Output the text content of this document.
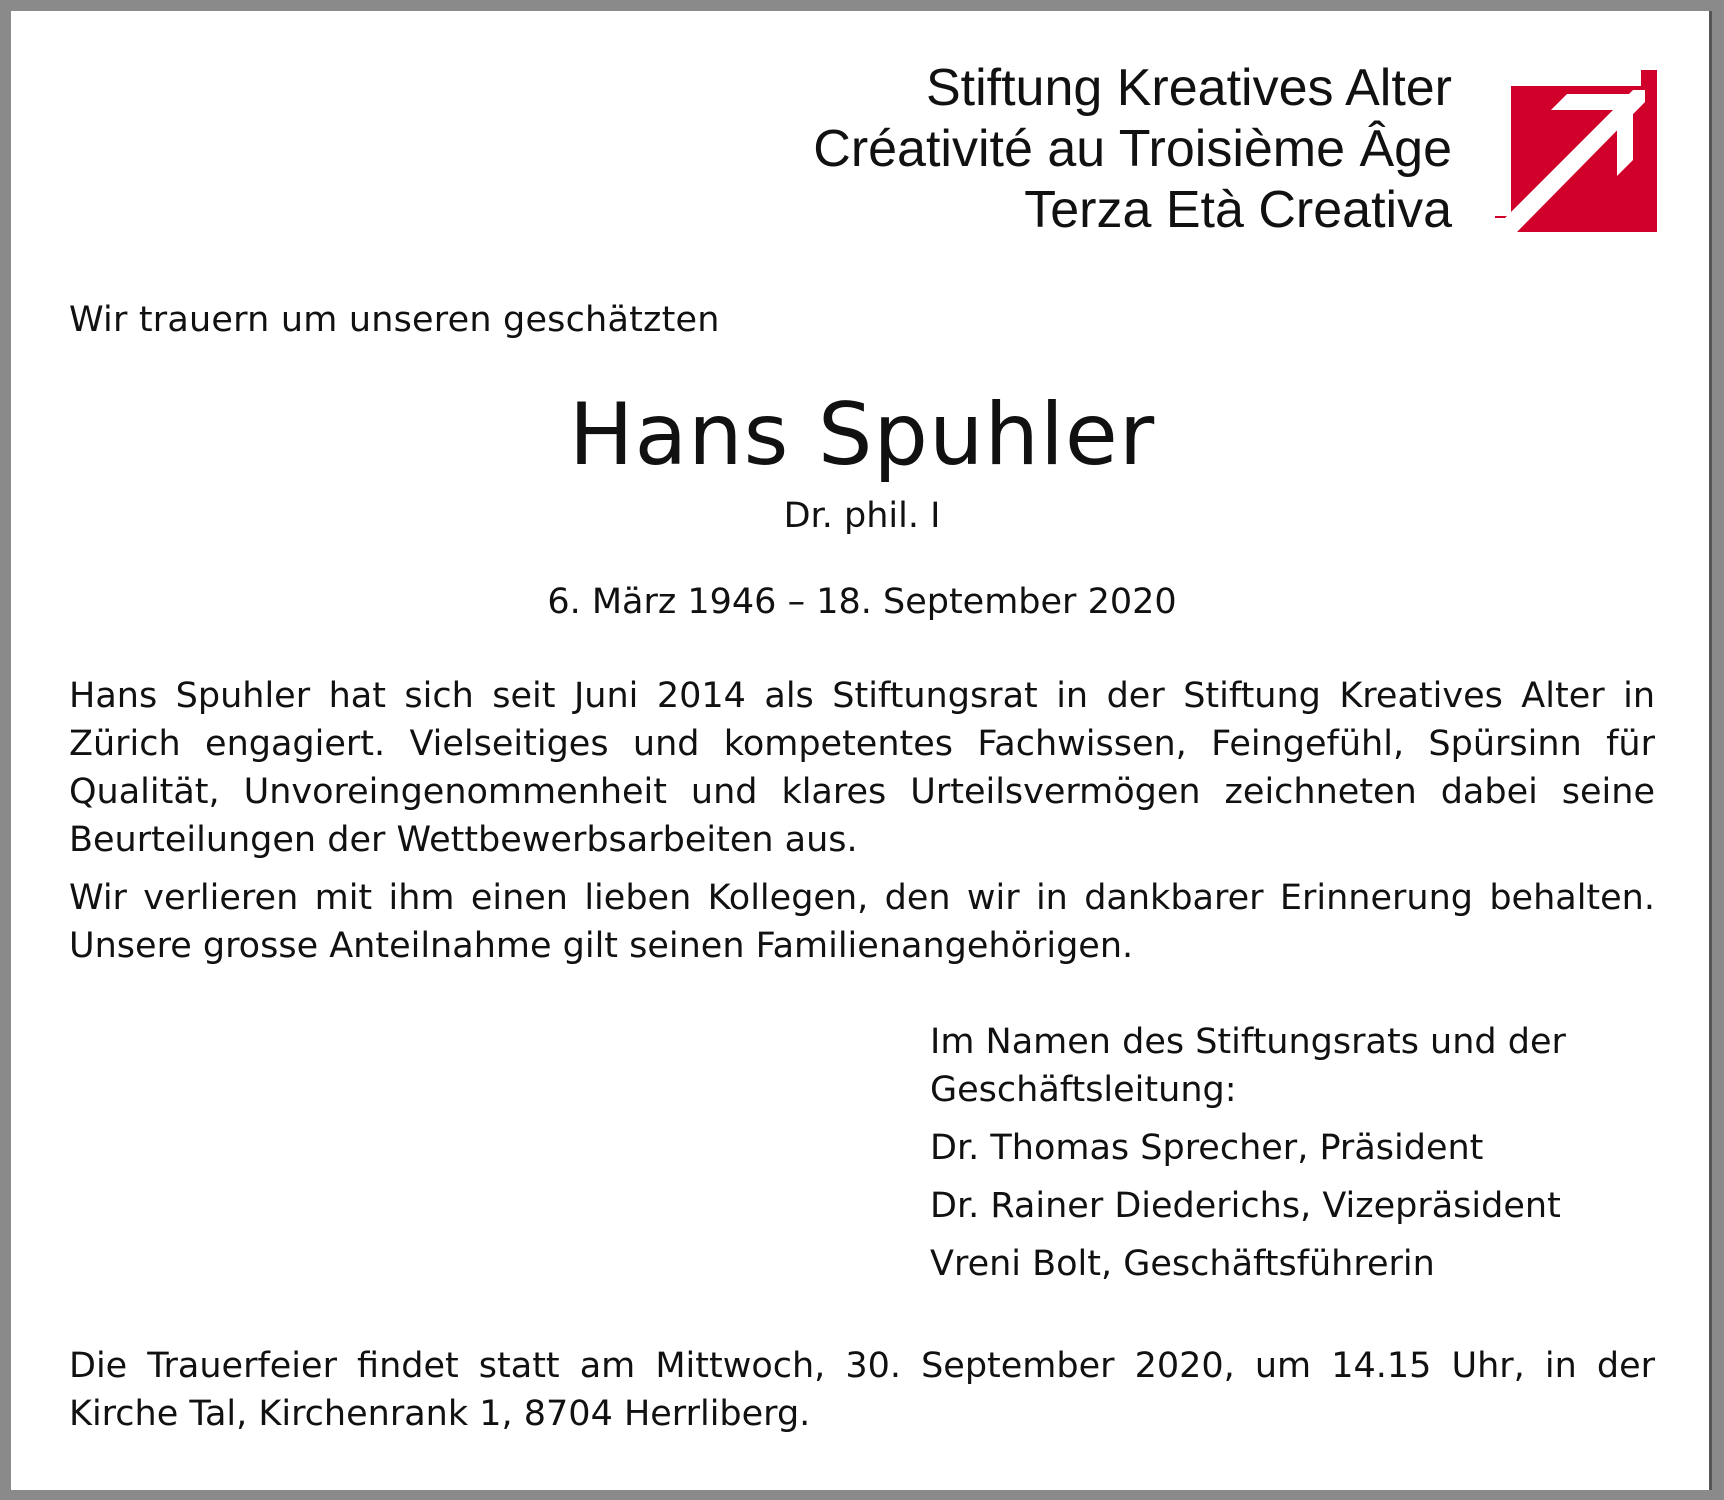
Stiftung Kreatives Alter
Créativité au Troisième Âge
Terza Età Creativa
Wir trauern um unseren geschätzten
Hans Spuhler
Dr. phil. I
6. März 1946 – 18. September 2020

Hans Spuhler hat sich seit Juni 2014 als Stiftungsrat in der Stiftung Kreatives Alter in Zürich engagiert. Vielseitiges und kompetentes Fachwissen, Feingefühl, Spürsinn für Qualität, Unvoreingenommenheit und klares Urteilsvermögen zeichneten dabei seine Beurteilungen der Wettbewerbsarbeiten aus.

Wir verlieren mit ihm einen lieben Kollegen, den wir in dankbarer Erinnerung behalten. Unsere grosse Anteilnahme gilt seinen Familienangehörigen.

Im Namen des Stiftungsrats und der Geschäftsleitung:
Dr. Thomas Sprecher, Präsident
Dr. Rainer Diederichs, Vizepräsident
Vreni Bolt, Geschäftsführerin
Die Trauerfeier findet statt am Mittwoch, 30. September 2020, um 14.15 Uhr, in der Kirche Tal, Kirchenrank 1, 8704 Herrliberg.
